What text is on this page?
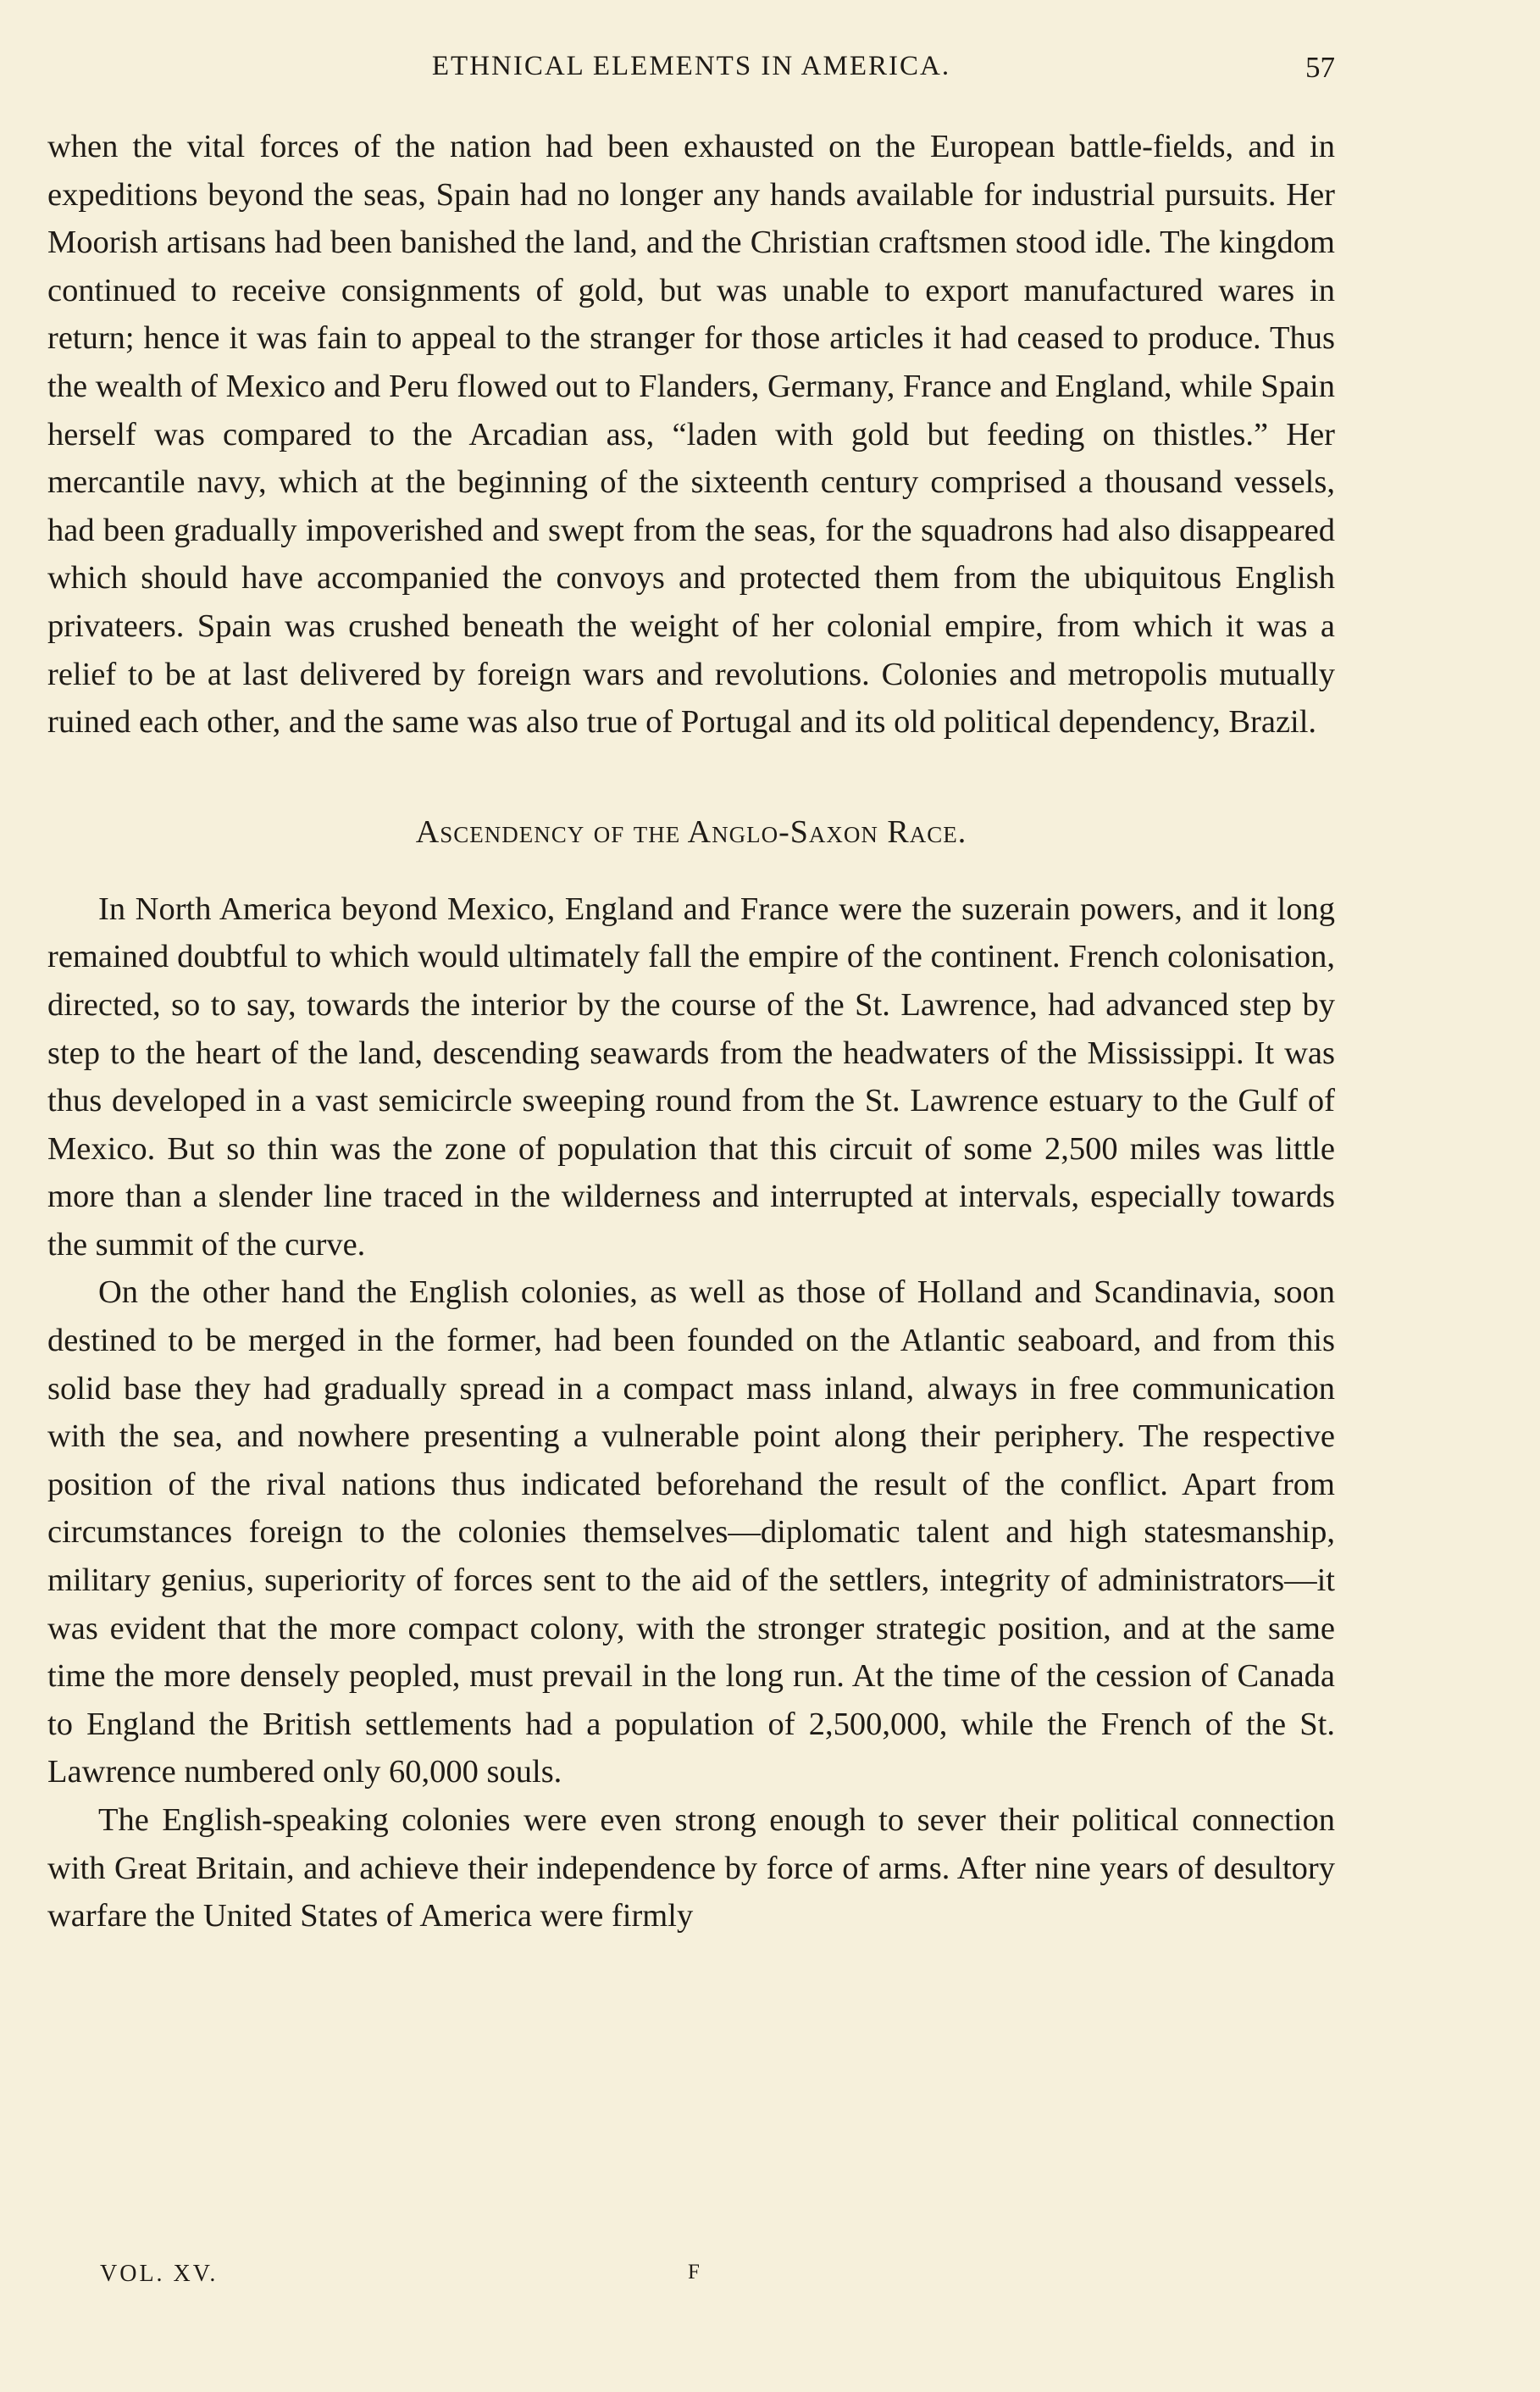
ETHNICAL ELEMENTS IN AMERICA.	57

when the vital forces of the nation had been exhausted on the European battle-fields, and in expeditions beyond the seas, Spain had no longer any hands available for industrial pursuits. Her Moorish artisans had been banished the land, and the Christian craftsmen stood idle. The kingdom continued to receive consignments of gold, but was unable to export manufactured wares in return; hence it was fain to appeal to the stranger for those articles it had ceased to produce. Thus the wealth of Mexico and Peru flowed out to Flanders, Germany, France and England, while Spain herself was compared to the Arcadian ass, “laden with gold but feeding on thistles.” Her mercantile navy, which at the beginning of the sixteenth century comprised a thousand vessels, had been gradually impoverished and swept from the seas, for the squadrons had also disappeared which should have accompanied the convoys and protected them from the ubiquitous English privateers. Spain was crushed beneath the weight of her colonial empire, from which it was a relief to be at last delivered by foreign wars and revolutions. Colonies and metropolis mutually ruined each other, and the same was also true of Portugal and its old political dependency, Brazil.

Ascendency of the Anglo-Saxon Race.

In North America beyond Mexico, England and France were the suzerain powers, and it long remained doubtful to which would ultimately fall the empire of the continent. French colonisation, directed, so to say, towards the interior by the course of the St. Lawrence, had advanced step by step to the heart of the land, descending seawards from the headwaters of the Mississippi. It was thus developed in a vast semicircle sweeping round from the St. Lawrence estuary to the Gulf of Mexico. But so thin was the zone of population that this circuit of some 2,500 miles was little more than a slender line traced in the wilderness and interrupted at intervals, especially towards the summit of the curve.

On the other hand the English colonies, as well as those of Holland and Scandinavia, soon destined to be merged in the former, had been founded on the Atlantic seaboard, and from this solid base they had gradually spread in a compact mass inland, always in free communication with the sea, and nowhere presenting a vulnerable point along their periphery. The respective position of the rival nations thus indicated beforehand the result of the conflict. Apart from circumstances foreign to the colonies themselves—diplomatic talent and high statesmanship, military genius, superiority of forces sent to the aid of the settlers, integrity of administrators—it was evident that the more compact colony, with the stronger strategic position, and at the same time the more densely peopled, must prevail in the long run. At the time of the cession of Canada to England the British settlements had a population of 2,500,000, while the French of the St. Lawrence numbered only 60,000 souls.

The English-speaking colonies were even strong enough to sever their political connection with Great Britain, and achieve their independence by force of arms. After nine years of desultory warfare the United States of America were firmly

VOL. XV.	F
